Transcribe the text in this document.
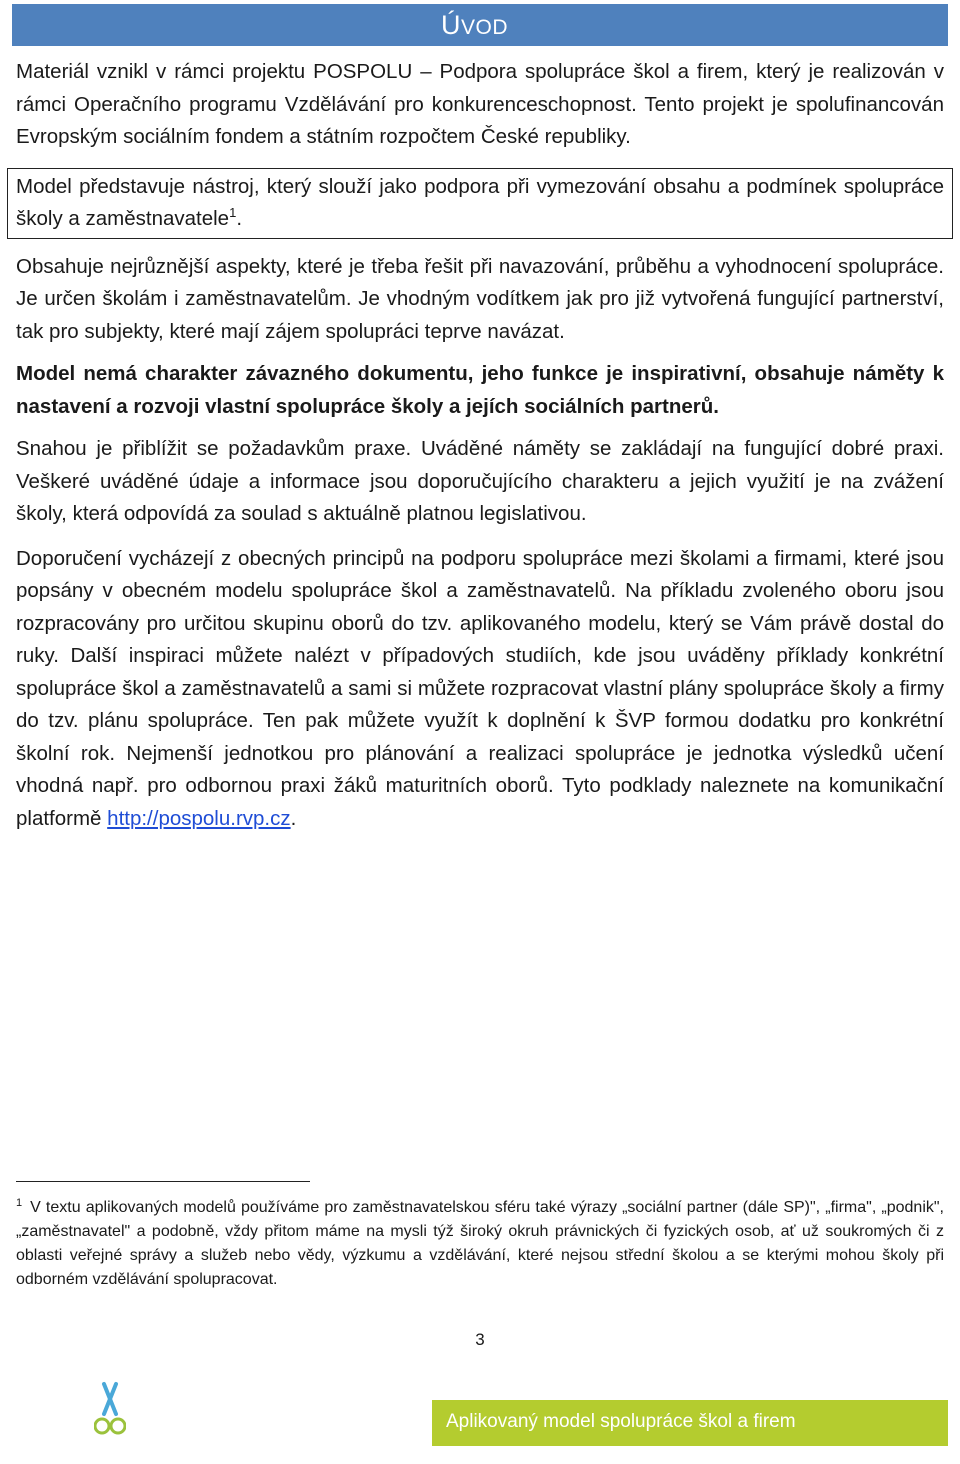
ÚVOD

Materiál vznikl v rámci projektu POSPOLU – Podpora spolupráce škol a firem, který je realizován v rámci Operačního programu Vzdělávání pro konkurenceschopnost. Tento projekt je spolufinancován Evropským sociálním fondem a státním rozpočtem České republiky.

Model představuje nástroj, který slouží jako podpora při vymezování obsahu a podmínek spolupráce školy a zaměstnavatele$^1$.

Obsahuje nejrůznější aspekty, které je třeba řešit při navazování, průběhu a vyhodnocení spolupráce. Je určen školám i zaměstnavatelům. Je vhodným vodítkem jak pro již vytvořená fungující partnerství, tak pro subjekty, které mají zájem spolupráci teprve navázat.

Model nemá charakter závazného dokumentu, jeho funkce je inspirativní, obsahuje náměty k nastavení a rozvoji vlastní spolupráce školy a jejích sociálních partnerů.

Snahou je přiblížit se požadavkům praxe. Uváděné náměty se zakládají na fungující dobré praxi. Veškeré uváděné údaje a informace jsou doporučujícího charakteru a jejich využití je na zvážení školy, která odpovídá za soulad s aktuálně platnou legislativou.

Doporučení vycházejí z obecných principů na podporu spolupráce mezi školami a firmami, které jsou popsány v obecném modelu spolupráce škol a zaměstnavatelů. Na příkladu zvoleného oboru jsou rozpracovány pro určitou skupinu oborů do tzv. aplikovaného modelu, který se Vám právě dostal do ruky. Další inspiraci můžete nalézt v případových studiích, kde jsou uváděny příklady konkrétní spolupráce škol a zaměstnavatelů a sami si můžete rozpracovat vlastní plány spolupráce školy a firmy do tzv. plánu spolupráce. Ten pak můžete využít k doplnění k ŠVP formou dodatku pro konkrétní školní rok. Nejmenší jednotkou pro plánování a realizaci spolupráce je jednotka výsledků učení vhodná např. pro odbornou praxi žáků maturitních oborů. Tyto podklady naleznete na komunikační platformě http://pospolu.rvp.cz.

$^1$ V textu aplikovaných modelů používáme pro zaměstnavatelskou sféru také výrazy „sociální partner (dále SP)", „firma", „podnik", „zaměstnavatel" a podobně, vždy přitom máme na mysli týž široký okruh právnických či fyzických osob, ať už soukromých či z oblasti veřejné správy a služeb nebo vědy, výzkumu a vzdělávání, které nejsou střední školou a se kterými mohou školy při odborném vzdělávání spolupracovat.
3
Aplikovaný model spolupráce škol a firem
